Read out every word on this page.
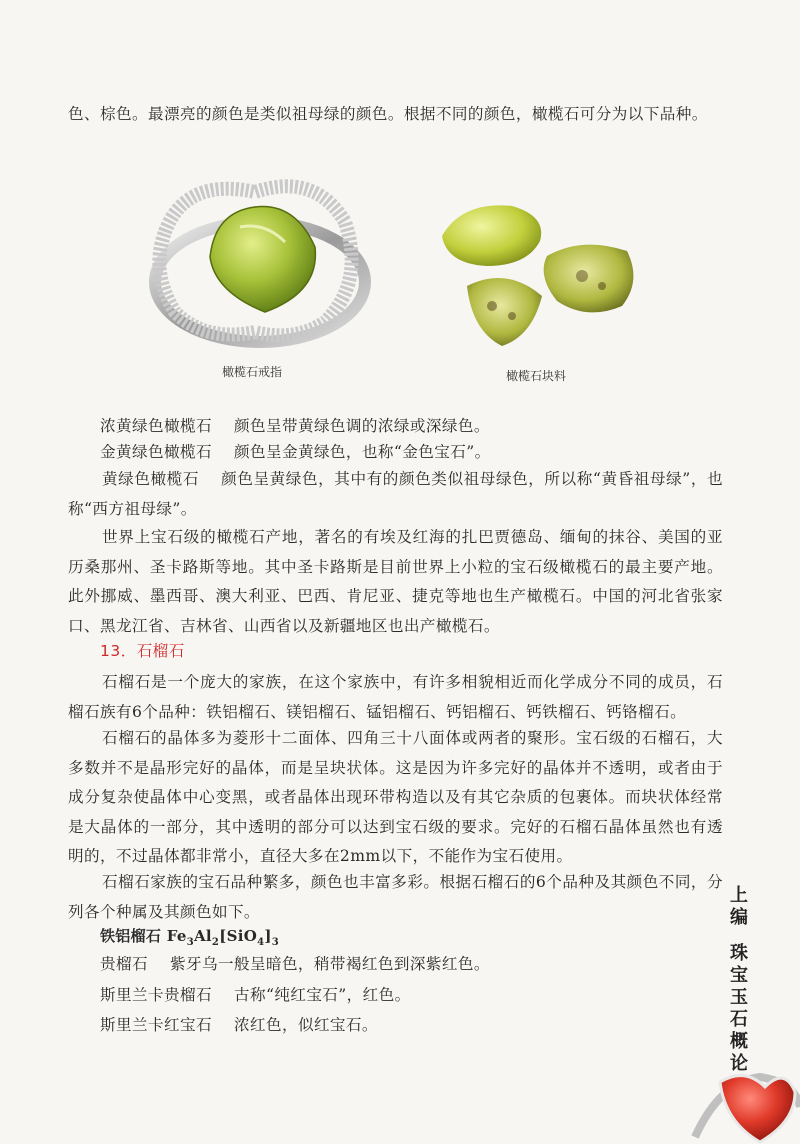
色、棕色。最漂亮的颜色是类似祖母绿的颜色。根据不同的颜色，橄榄石可分为以下品种。

橄榄石戒指	橄榄石块料
浓黄绿色橄榄石 颜色呈带黄绿色调的浓绿或深绿色。
金黄绿色橄榄石 颜色呈金黄绿色，也称“金色宝石”。

黄绿色橄榄石 颜色呈黄绿色，其中有的颜色类似祖母绿色，所以称“黄昏祖母绿”，也称“西方祖母绿”。

世界上宝石级的橄榄石产地，著名的有埃及红海的扎巴贾德岛、缅甸的抹谷、美国的亚历桑那州、圣卡路斯等地。其中圣卡路斯是目前世界上小粒的宝石级橄榄石的最主要产地。此外挪威、墨西哥、澳大利亚、巴西、肯尼亚、捷克等地也生产橄榄石。中国的河北省张家口、黑龙江省、吉林省、山西省以及新疆地区也出产橄榄石。

13．石榴石

石榴石是一个庞大的家族，在这个家族中，有许多相貌相近而化学成分不同的成员，石榴石族有6个品种：铁铝榴石、镁铝榴石、锰铝榴石、钙铝榴石、钙铁榴石、钙铬榴石。

石榴石的晶体多为菱形十二面体、四角三十八面体或两者的聚形。宝石级的石榴石，大多数并不是晶形完好的晶体，而是呈块状体。这是因为许多完好的晶体并不透明，或者由于成分复杂使晶体中心变黑，或者晶体出现环带构造以及有其它杂质的包裹体。而块状体经常是大晶体的一部分，其中透明的部分可以达到宝石级的要求。完好的石榴石晶体虽然也有透明的，不过晶体都非常小，直径大多在2mm以下，不能作为宝石使用。

石榴石家族的宝石品种繁多，颜色也丰富多彩。根据石榴石的6个品种及其颜色不同，分列各个种属及其颜色如下。

铁铝榴石 $Fe_3Al_2[SiO_4]_3$
贵榴石 紫牙乌一般呈暗色，稍带褐红色到深紫红色。
斯里兰卡贵榴石 古称“纯红宝石”，红色。
斯里兰卡红宝石 浓红色，似红宝石。
上
编
珠
宝
玉
石
概
论
